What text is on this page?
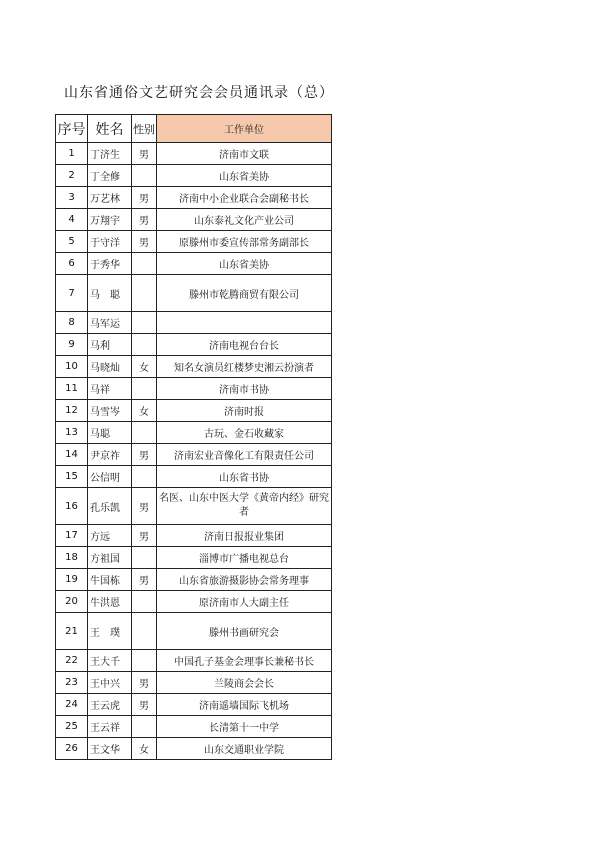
山东省通俗文艺研究会会员通讯录（总）
序号	姓名	性别	工作单位
1	丁济生	男	济南市文联
2	丁全修		山东省美协
3	万艺林	男	济南中小企业联合会副秘书长
4	万翔宇	男	山东泰礼文化产业公司
5	于守洋	男	原滕州市委宣传部常务副部长
6	于秀华		山东省美协
7	马　聪		滕州市乾腾商贸有限公司
8	马军运		
9	马利		济南电视台台长
10	马晓灿	女	知名女演员红楼梦史湘云扮演者
11	马祥		济南市书协
12	马雪岑	女	济南时报
13	马聪		古玩、金石收藏家
14	尹京祚	男	济南宏业音像化工有限责任公司
15	公信明		山东省书协
16	孔乐凯	男	名医、山东中医大学《黄帝内经》研究者
17	方远	男	济南日报报业集团
18	方祖国		淄博市广播电视总台
19	牛国栋	男	山东省旅游摄影协会常务理事
20	牛洪恩		原济南市人大副主任
21	王　璞		滕州书画研究会
22	王大千		中国孔子基金会理事长兼秘书长
23	王中兴	男	兰陵商会会长
24	王云虎	男	济南遥墙国际飞机场
25	王云祥		长清第十一中学
26	王文华	女	山东交通职业学院
